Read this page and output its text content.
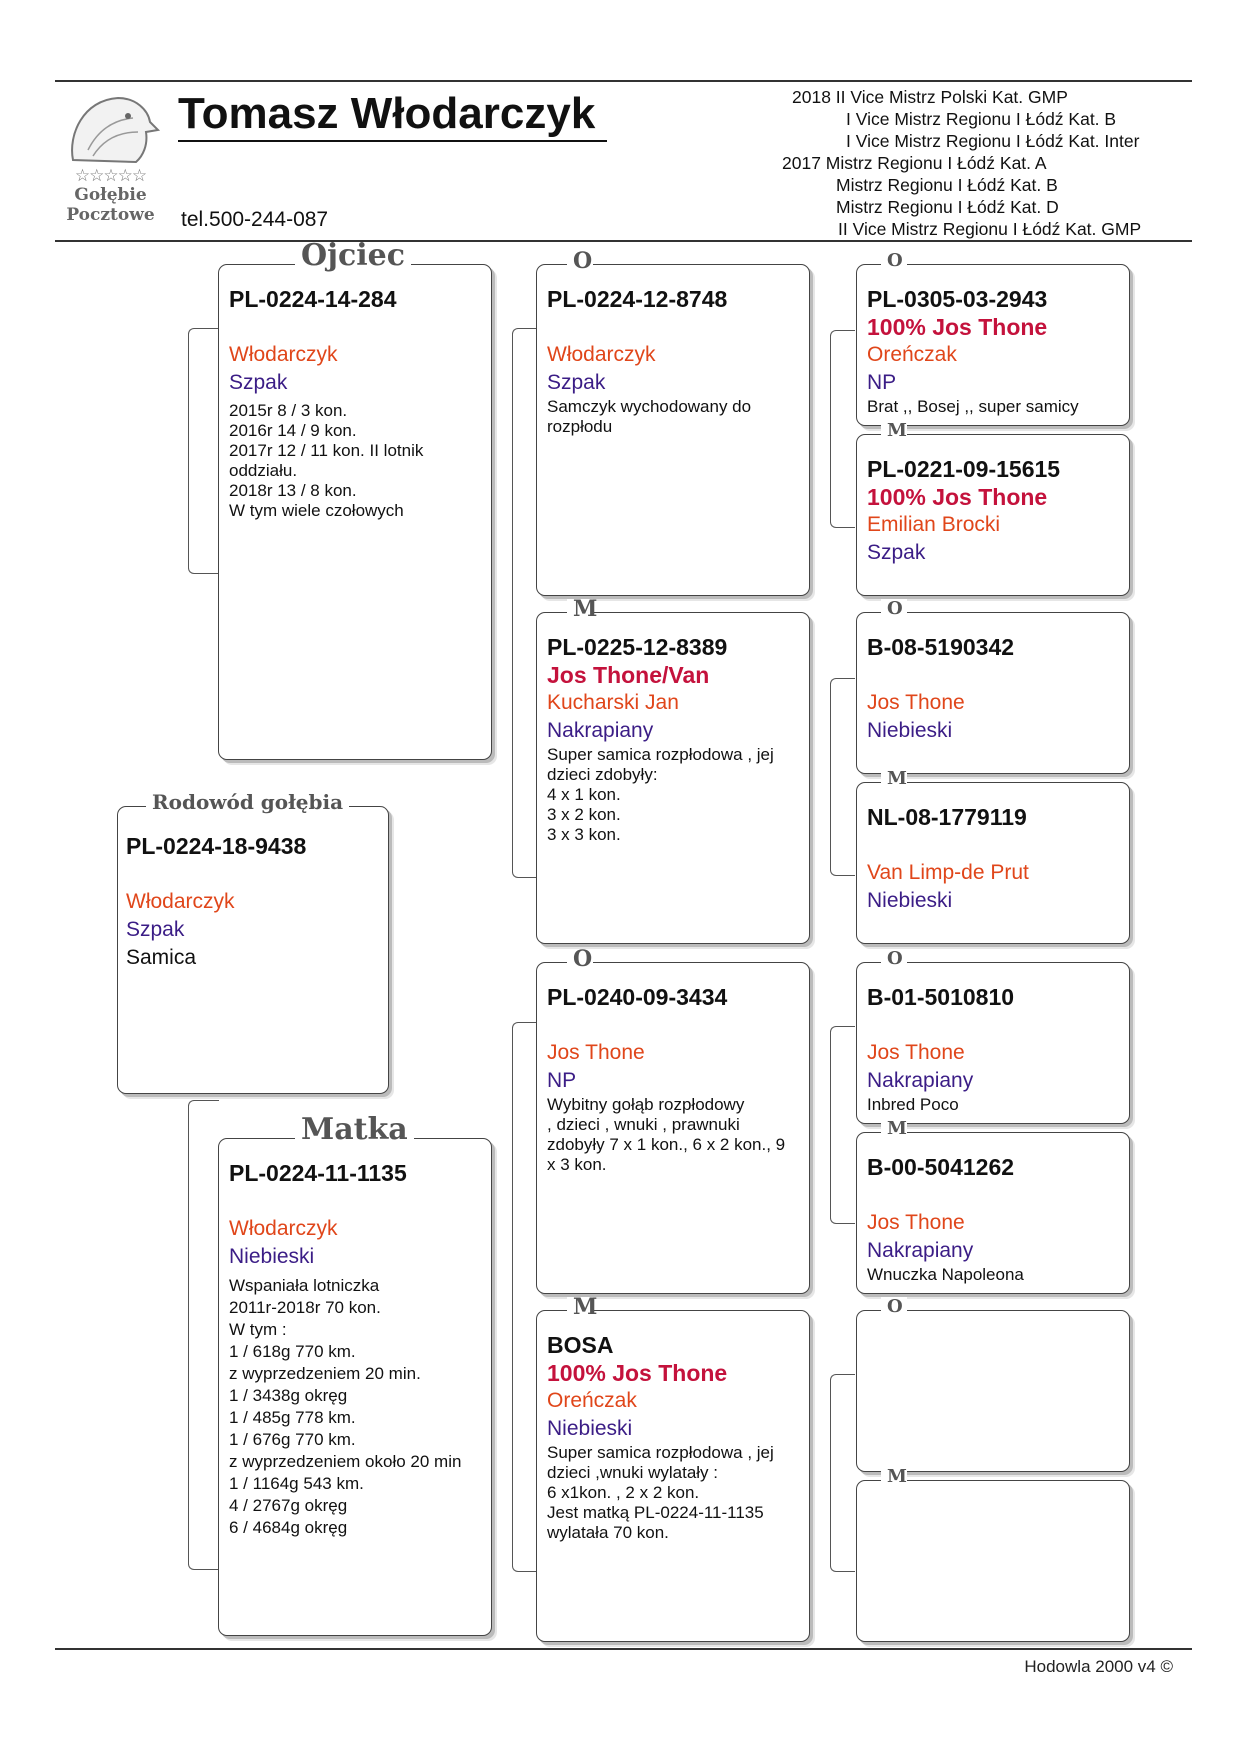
☆☆☆☆☆
Gołębie
Pocztowe
Tomasz Włodarczyk
tel.500-244-087
2018 II Vice Mistrz Polski Kat. GMP
I Vice Mistrz Regionu I Łódź Kat. B
I Vice Mistrz Regionu I Łódź Kat. Inter
2017 Mistrz Regionu I Łódź Kat. A
Mistrz Regionu I Łódź Kat. B
Mistrz Regionu I Łódź Kat. D
II Vice Mistrz Regionu I Łódź Kat. GMP
Rodowód gołębia
PL-0224-18-9438
Włodarczyk
Szpak
Samica
Ojciec
PL-0224-14-284
Włodarczyk
Szpak
2015r 8 / 3 kon.
2016r 14 / 9 kon.
2017r 12 / 11 kon. II lotnik oddziału.
2018r 13 / 8 kon.
W tym wiele czołowych
Matka
PL-0224-11-1135
Włodarczyk
Niebieski
Wspaniała lotniczka
2011r-2018r 70 kon.
W tym :
1 / 618g 770 km.
z wyprzedzeniem 20 min.
1 / 3438g okręg
1 / 485g 778 km.
1 / 676g 770 km.
z wyprzedzeniem około 20 min
1 / 1164g 543 km.
4 / 2767g okręg
6 / 4684g okręg
O
PL-0224-12-8748
Włodarczyk
Szpak
Samczyk wychodowany do rozpłodu
M
PL-0225-12-8389
Jos Thone/Van
Kucharski Jan
Nakrapiany
Super samica rozpłodowa , jej dzieci zdobyły:
4 x 1 kon.
3 x 2 kon.
3 x 3 kon.
O
PL-0240-09-3434
Jos Thone
NP
Wybitny gołąb rozpłodowy
, dzieci , wnuki , prawnuki zdobyły 7 x 1 kon., 6 x 2 kon., 9
x 3 kon.
M
BOSA
100% Jos Thone
Oreńczak
Niebieski
Super samica rozpłodowa , jej dzieci ,wnuki wylatały :
6 x1kon. , 2 x 2 kon.
Jest matką PL-0224-11-1135 wylatała 70 kon.
O
PL-0305-03-2943
100% Jos Thone
Oreńczak
NP
Brat ,, Bosej ,, super samicy
M
PL-0221-09-15615
100% Jos Thone
Emilian Brocki
Szpak
O
B-08-5190342
Jos Thone
Niebieski
M
NL-08-1779119
Van Limp-de Prut
Niebieski
O
B-01-5010810
Jos Thone
Nakrapiany
Inbred Poco
M
B-00-5041262
Jos Thone
Nakrapiany
Wnuczka Napoleona
O
M
Hodowla 2000 v4 ©
